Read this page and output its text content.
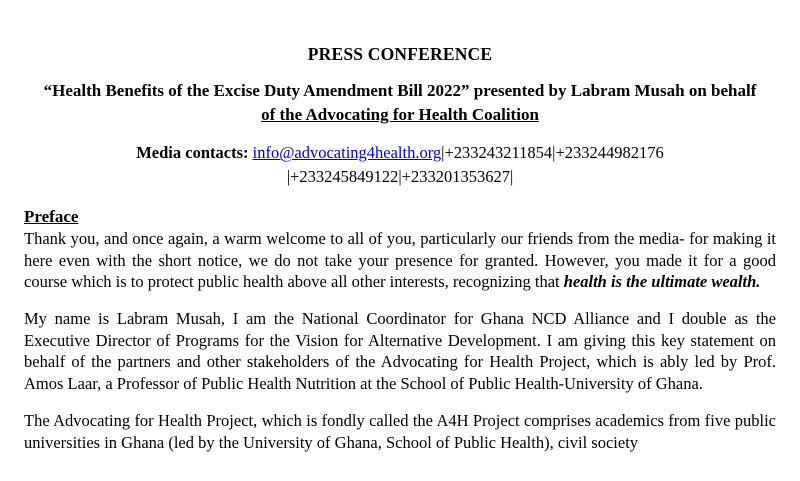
PRESS CONFERENCE
“Health Benefits of the Excise Duty Amendment Bill 2022” presented by Labram Musah on behalf
of the Advocating for Health Coalition
Media contacts: info@advocating4health.org|+233243211854|+233244982176
|+233245849122|+233201353627|
Preface

Thank you, and once again, a warm welcome to all of you, particularly our friends from the media- for making it here even with the short notice, we do not take your presence for granted. However, you made it for a good course which is to protect public health above all other interests, recognizing that health is the ultimate wealth.

My name is Labram Musah, I am the National Coordinator for Ghana NCD Alliance and I double as the Executive Director of Programs for the Vision for Alternative Development. I am giving this key statement on behalf of the partners and other stakeholders of the Advocating for Health Project, which is ably led by Prof. Amos Laar, a Professor of Public Health Nutrition at the School of Public Health-University of Ghana.

The Advocating for Health Project, which is fondly called the A4H Project comprises academics from five public universities in Ghana (led by the University of Ghana, School of Public Health), civil society
